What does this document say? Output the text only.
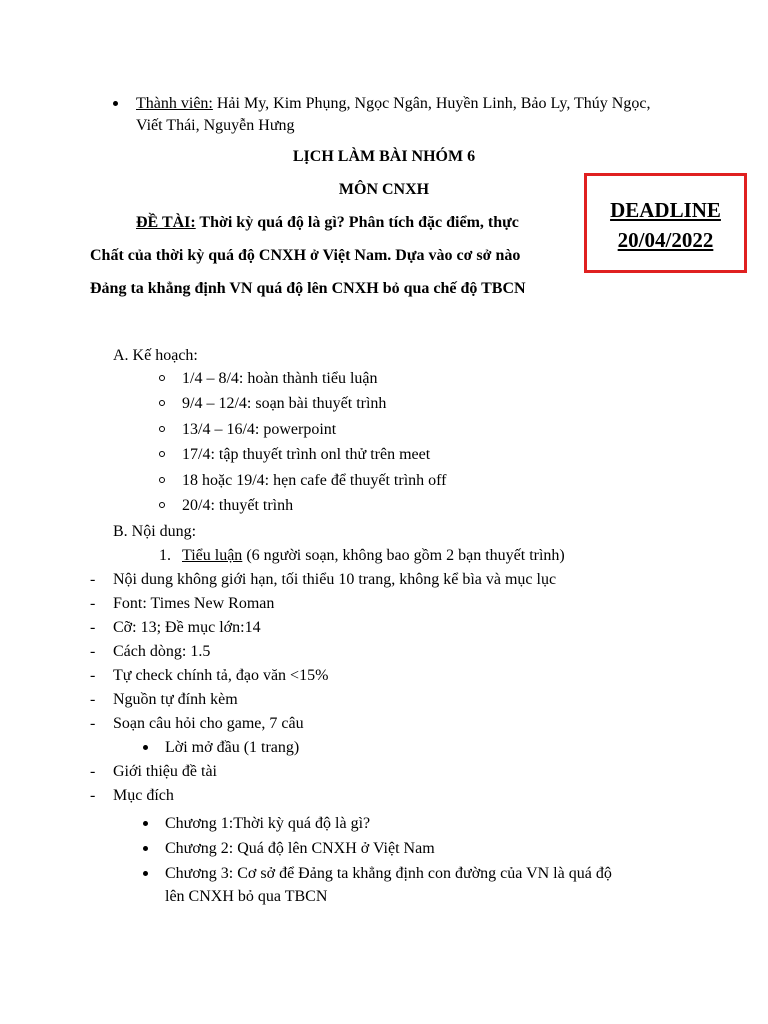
Thành viên: Hải My, Kim Phụng, Ngọc Ngân, Huyền Linh, Bảo Ly, Thúy Ngọc,
Viết Thái, Nguyễn Hưng
LỊCH LÀM BÀI NHÓM 6
MÔN CNXH
ĐỀ TÀI: Thời kỳ quá độ là gì? Phân tích đặc điểm, thực
Chất của thời kỳ quá độ CNXH ở Việt Nam. Dựa vào cơ sở nào
Đảng ta khẳng định VN quá độ lên CNXH bỏ qua chế độ TBCN
DEADLINE
20/04/2022
A. Kế hoạch:
1/4 – 8/4: hoàn thành tiểu luận
9/4 – 12/4: soạn bài thuyết trình
13/4 – 16/4: powerpoint
17/4: tập thuyết trình onl thử trên meet
18 hoặc 19/4: hẹn cafe để thuyết trình off
20/4: thuyết trình
B. Nội dung:
1. Tiểu luận (6 người soạn, không bao gồm 2 bạn thuyết trình)
- Nội dung không giới hạn, tối thiểu 10 trang, không kể bìa và mục lục
- Font: Times New Roman
- Cỡ: 13; Đề mục lớn:14
- Cách dòng: 1.5
- Tự check chính tả, đạo văn <15%
- Nguồn tự đính kèm
- Soạn câu hỏi cho game, 7 câu
Lời mở đầu (1 trang)
- Giới thiệu đề tài
- Mục đích
Chương 1:Thời kỳ quá độ là gì?
Chương 2: Quá độ lên CNXH ở Việt Nam
Chương 3: Cơ sở để Đảng ta khẳng định con đường của VN là quá độ
lên CNXH bỏ qua TBCN
